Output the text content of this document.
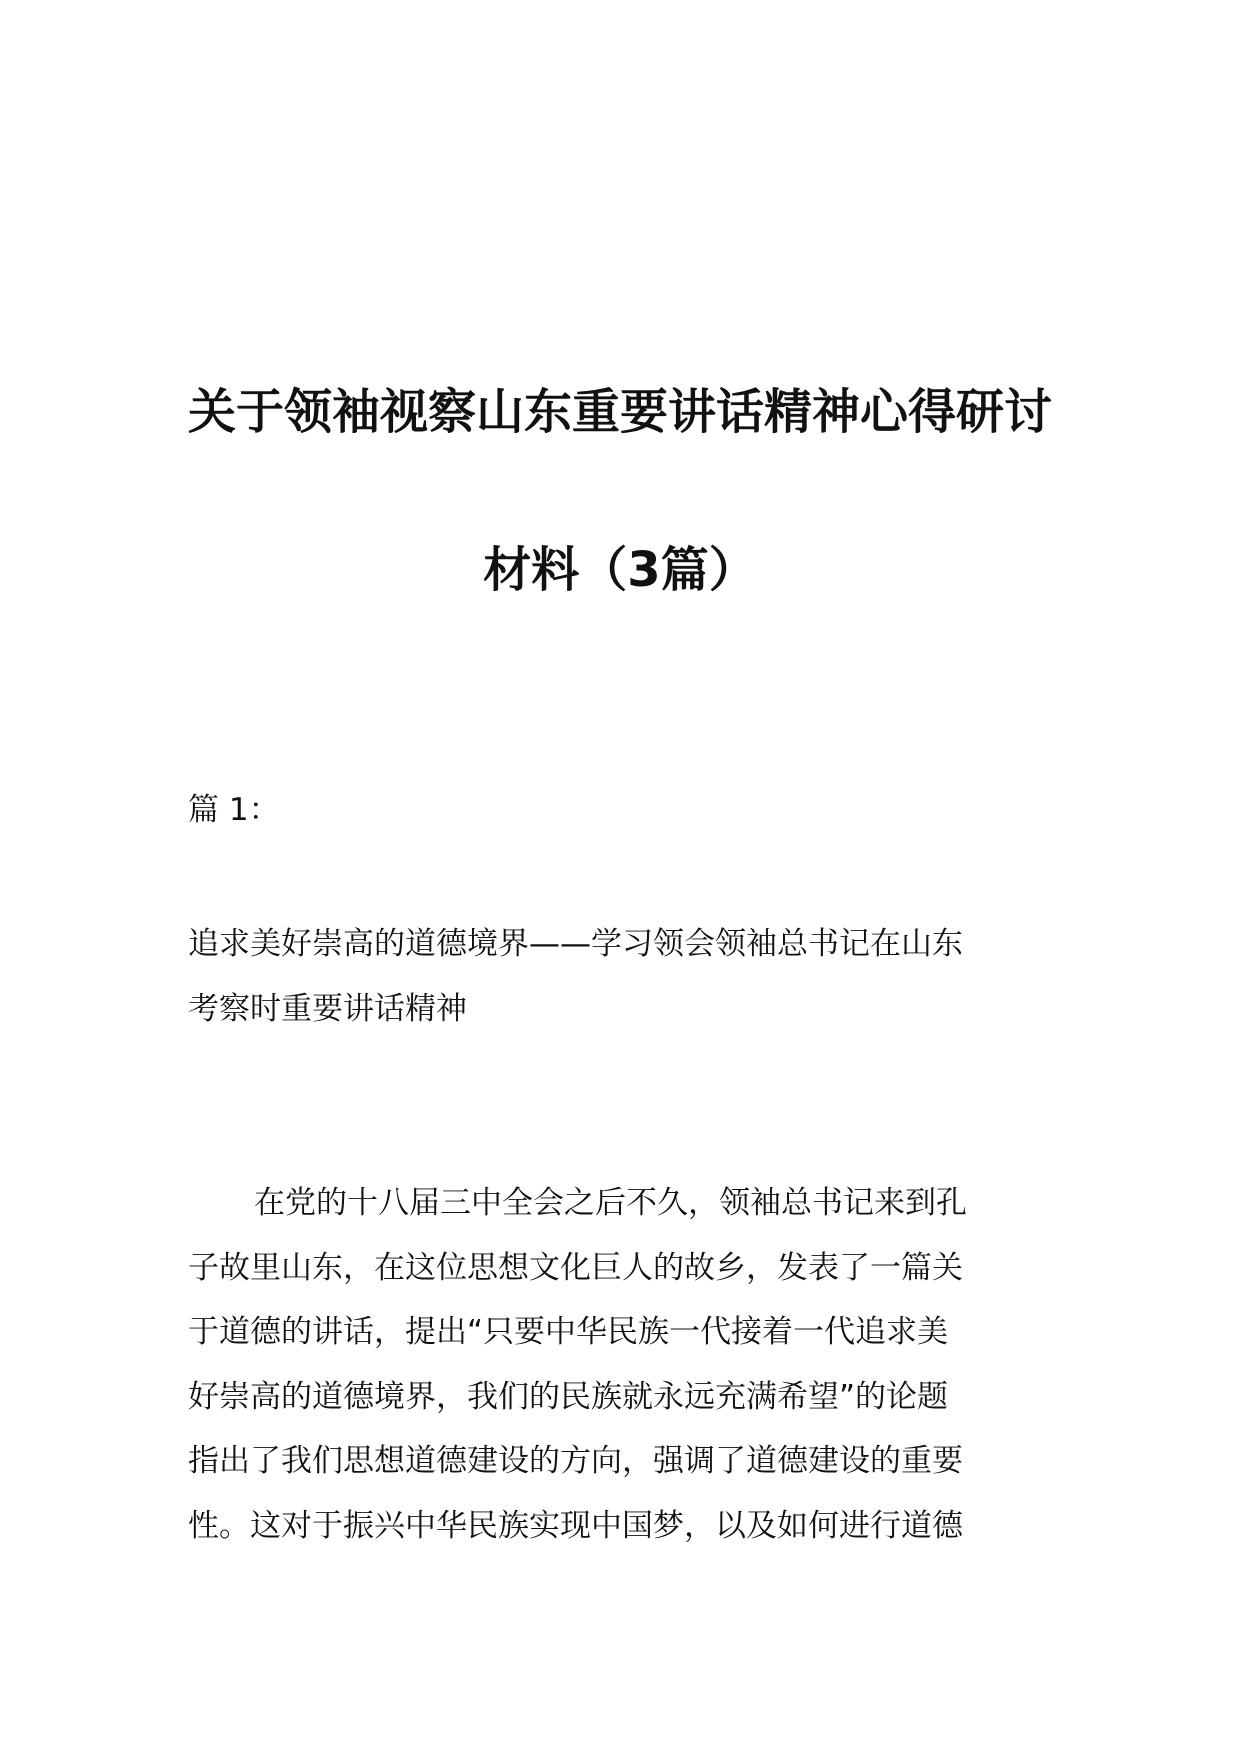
关于领袖视察山东重要讲话精神心得研讨
材料（3篇）
篇 1：
追求美好崇高的道德境界——学习领会领袖总书记在山东
考察时重要讲话精神
在党的十八届三中全会之后不久，领袖总书记来到孔
子故里山东，在这位思想文化巨人的故乡，发表了一篇关
于道德的讲话，提出“只要中华民族一代接着一代追求美
好崇高的道德境界，我们的民族就永远充满希望”的论题
指出了我们思想道德建设的方向，强调了道德建设的重要
性。这对于振兴中华民族实现中国梦，以及如何进行道德
